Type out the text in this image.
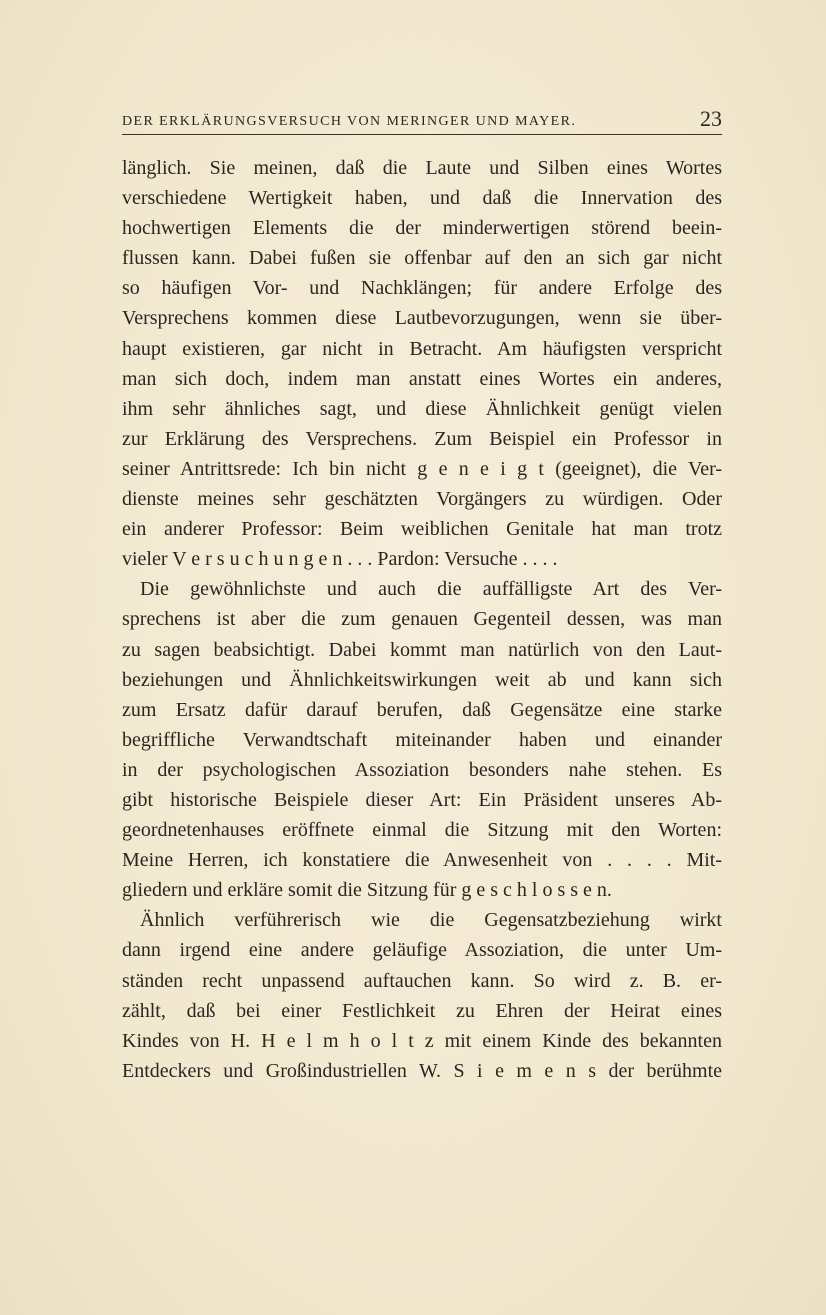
DER ERKLÄRUNGSVERSUCH VON MERINGER UND MAYER.	23
länglich. Sie meinen, daß die Laute und Silben eines Wortes
verschiedene Wertigkeit haben, und daß die Innervation des
hochwertigen Elements die der minderwertigen störend beein-
flussen kann. Dabei fußen sie offenbar auf den an sich gar nicht
so häufigen Vor- und Nachklängen; für andere Erfolge des
Versprechens kommen diese Lautbevorzugungen, wenn sie über-
haupt existieren, gar nicht in Betracht. Am häufigsten verspricht
man sich doch, indem man anstatt eines Wortes ein anderes,
ihm sehr ähnliches sagt, und diese Ähnlichkeit genügt vielen
zur Erklärung des Versprechens. Zum Beispiel ein Professor in
seiner Antrittsrede: Ich bin nicht g e n e i g t (geeignet), die Ver-
dienste meines sehr geschätzten Vorgängers zu würdigen. Oder
ein anderer Professor: Beim weiblichen Genitale hat man trotz
vieler V e r s u c h u n g e n . . . Pardon: Versuche . . . .
Die gewöhnlichste und auch die auffälligste Art des Ver-
sprechens ist aber die zum genauen Gegenteil dessen, was man
zu sagen beabsichtigt. Dabei kommt man natürlich von den Laut-
beziehungen und Ähnlichkeitswirkungen weit ab und kann sich
zum Ersatz dafür darauf berufen, daß Gegensätze eine starke
begriffliche Verwandtschaft miteinander haben und einander
in der psychologischen Assoziation besonders nahe stehen. Es
gibt historische Beispiele dieser Art: Ein Präsident unseres Ab-
geordnetenhauses eröffnete einmal die Sitzung mit den Worten:
Meine Herren, ich konstatiere die Anwesenheit von . . . . Mit-
gliedern und erkläre somit die Sitzung für g e s c h l o s s e n.
Ähnlich verführerisch wie die Gegensatzbeziehung wirkt
dann irgend eine andere geläufige Assoziation, die unter Um-
ständen recht unpassend auftauchen kann. So wird z. B. er-
zählt, daß bei einer Festlichkeit zu Ehren der Heirat eines
Kindes von H. H e l m h o l t z mit einem Kinde des bekannten
Entdeckers und Großindustriellen W. S i e m e n s der berühmte
